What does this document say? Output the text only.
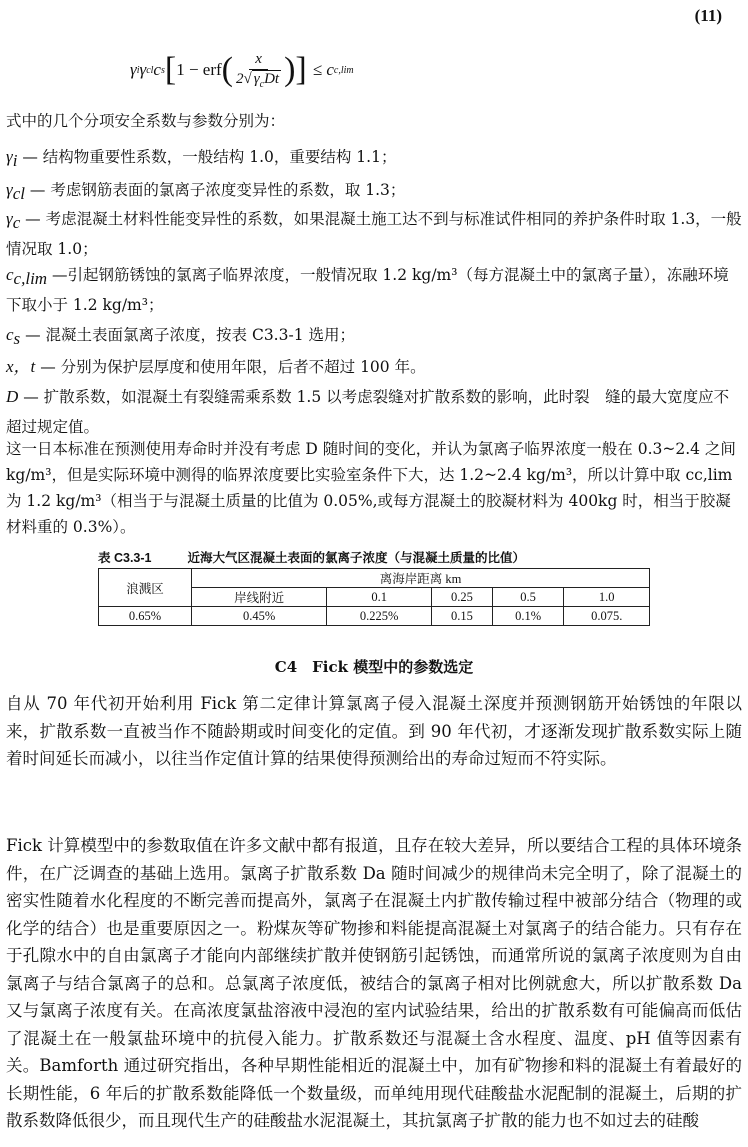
(11)
γ i γ cl c s [ 1 − erf ( $\frac{x}{2√ \gamma_cDt}$ ) ] ≤ c c,lim
式中的几个分项安全系数与参数分别为：
$\gamma_i$ — 结构物重要性系数，一般结构 1.0，重要结构 1.1；
$\gamma_{cl}$ — 考虑钢筋表面的氯离子浓度变异性的系数，取 1.3；
$\gamma_c$ — 考虑混凝土材料性能变异性的系数，如果混凝土施工达不到与标准试件相同的养护条件时取 1.3，一般情况取 1.0；
$c_{c,lim}$ —引起钢筋锈蚀的氯离子临界浓度，一般情况取 1.2 kg/m³（每方混凝土中的氯离子量），冻融环境下取小于 1.2 kg/m³；
$c_s$ — 混凝土表面氯离子浓度，按表 C3.3-1 选用；
x，t — 分别为保护层厚度和使用年限，后者不超过 100 年。
D — 扩散系数，如混凝土有裂缝需乘系数 1.5 以考虑裂缝对扩散系数的影响，此时裂　缝的最大宽度应不超过规定值。
这一日本标准在预测使用寿命时并没有考虑 D 随时间的变化，并认为氯离子临界浓度一般在 0.3~2.4 之间 kg/m³，但是实际环境中测得的临界浓度要比实验室条件下大，达 1.2~2.4 kg/m³，所以计算中取 cc,lim 为 1.2 kg/m³（相当于与混凝土质量的比值为 0.05%,或每方混凝土的胶凝材料为 400kg 时，相当于胶凝材料重的 0.3%）。
表 C3.3-1	近海大气区混凝土表面的氯离子浓度（与混凝土质量的比值）
浪溅区	离海岸距离 km				
	岸线附近	0.1	0.25	0.5	1.0
0.65%	0.45%	0.225%	0.15	0.1%	0.075.
C4　Fick 模型中的参数选定
自从 70 年代初开始利用 Fick 第二定律计算氯离子侵入混凝土深度并预测钢筋开始锈蚀的年限以来，扩散系数一直被当作不随龄期或时间变化的定值。到 90 年代初，才逐渐发现扩散系数实际上随着时间延长而减小，以往当作定值计算的结果使得预测给出的寿命过短而不符实际。
Fick 计算模型中的参数取值在许多文献中都有报道，且存在较大差异，所以要结合工程的具体环境条件，在广泛调查的基础上选用。氯离子扩散系数 Da 随时间减少的规律尚未完全明了，除了混凝土的密实性随着水化程度的不断完善而提高外，氯离子在混凝土内扩散传输过程中被部分结合（物理的或化学的结合）也是重要原因之一。粉煤灰等矿物掺和料能提高混凝土对氯离子的结合能力。只有存在于孔隙水中的自由氯离子才能向内部继续扩散并使钢筋引起锈蚀，而通常所说的氯离子浓度则为自由氯离子与结合氯离子的总和。总氯离子浓度低，被结合的氯离子相对比例就愈大，所以扩散系数 Da 又与氯离子浓度有关。在高浓度氯盐溶液中浸泡的室内试验结果，给出的扩散系数有可能偏高而低估了混凝土在一般氯盐环境中的抗侵入能力。扩散系数还与混凝土含水程度、温度、pH 值等因素有关。Bamforth 通过研究指出，各种早期性能相近的混凝土中，加有矿物掺和料的混凝土有着最好的长期性能，6 年后的扩散系数能降低一个数量级，而单纯用现代硅酸盐水泥配制的混凝土，后期的扩散系数降低很少，而且现代生产的硅酸盐水泥混凝土，其抗氯离子扩散的能力也不如过去的硅酸
